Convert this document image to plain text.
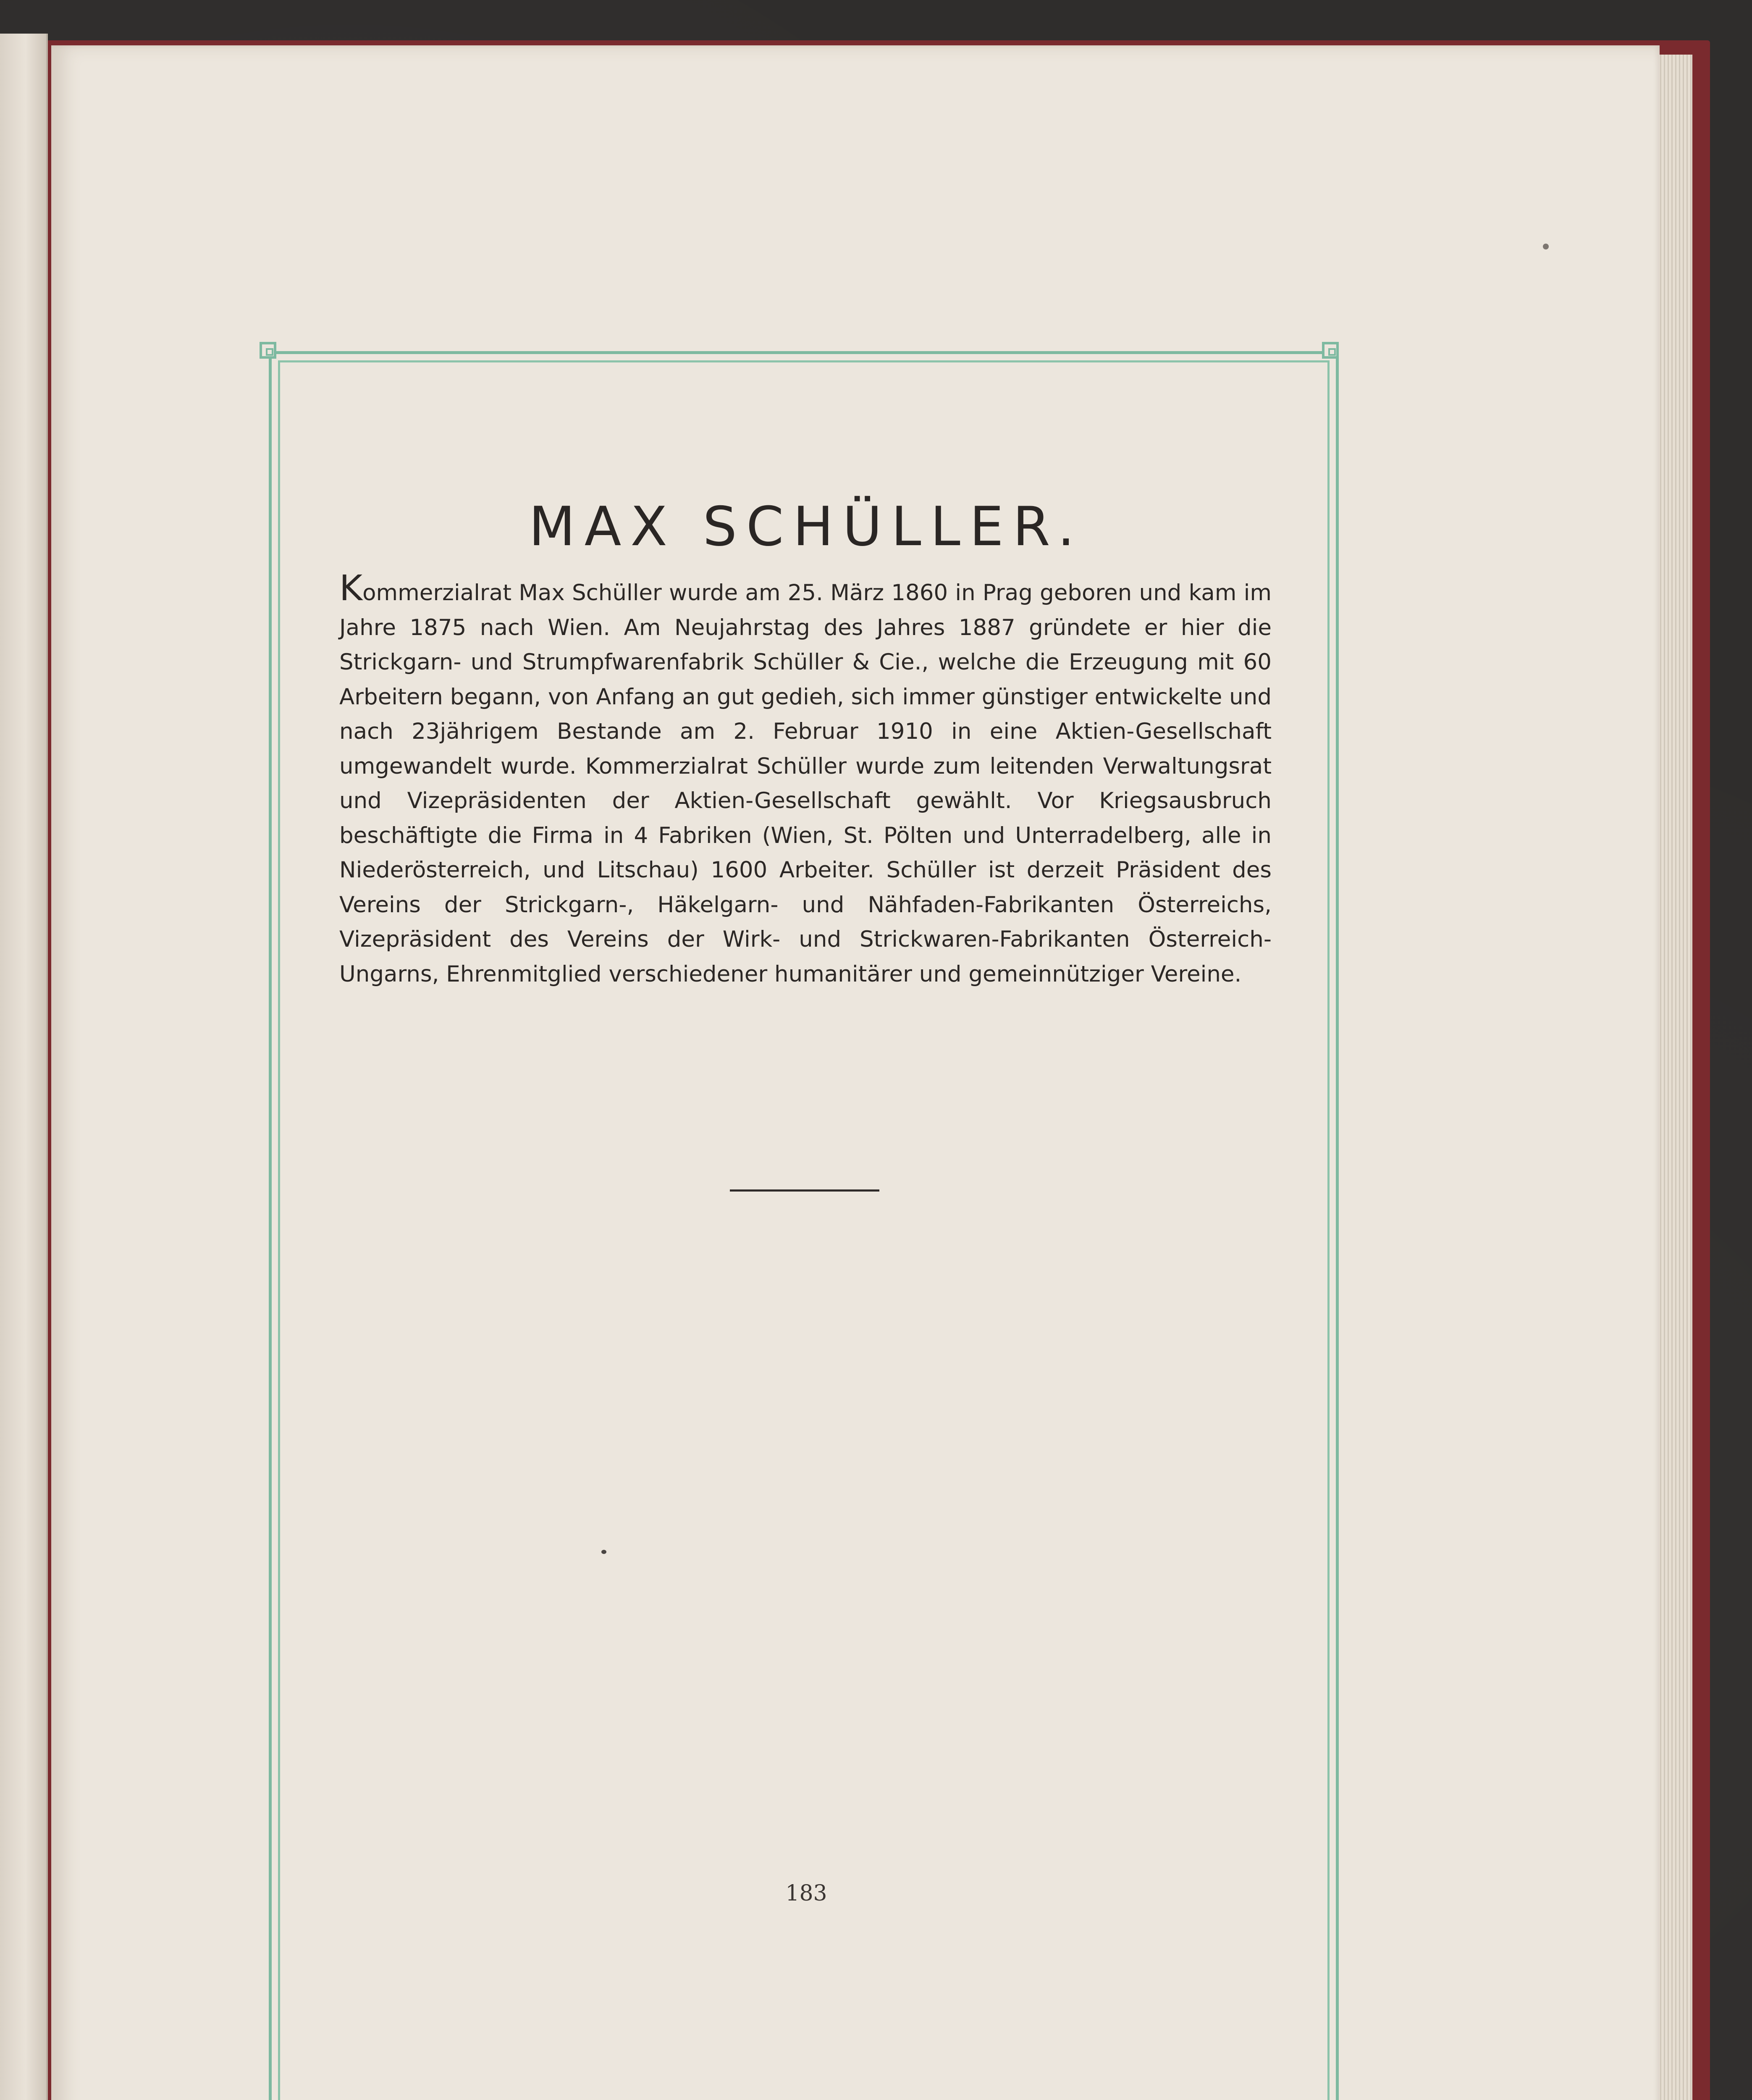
MAX SCHÜLLER.

Kommerzialrat Max Schüller wurde am 25. März 1860 in Prag geboren und kam im Jahre 1875 nach Wien. Am Neujahrstag des Jahres 1887 gründete er hier die Strickgarn- und Strumpfwarenfabrik Schüller & Cie., welche die Erzeugung mit 60 Arbeitern begann, von Anfang an gut gedieh, sich immer günstiger entwickelte und nach 23jährigem Bestande am 2. Februar 1910 in eine Aktien-Gesellschaft umgewandelt wurde. Kommerzialrat Schüller wurde zum leitenden Verwaltungsrat und Vizepräsidenten der Aktien-Gesellschaft gewählt. Vor Kriegsausbruch beschäftigte die Firma in 4 Fabriken (Wien, St. Pölten und Unterradelberg, alle in Niederösterreich, und Litschau) 1600 Arbeiter. Schüller ist derzeit Präsident des Vereins der Strickgarn-, Häkelgarn- und Nähfaden-Fabrikanten Österreichs, Vizepräsident des Vereins der Wirk- und Strickwaren-Fabrikanten Österreich-Ungarns, Ehrenmitglied verschiedener humanitärer und gemeinnütziger Vereine.

183
